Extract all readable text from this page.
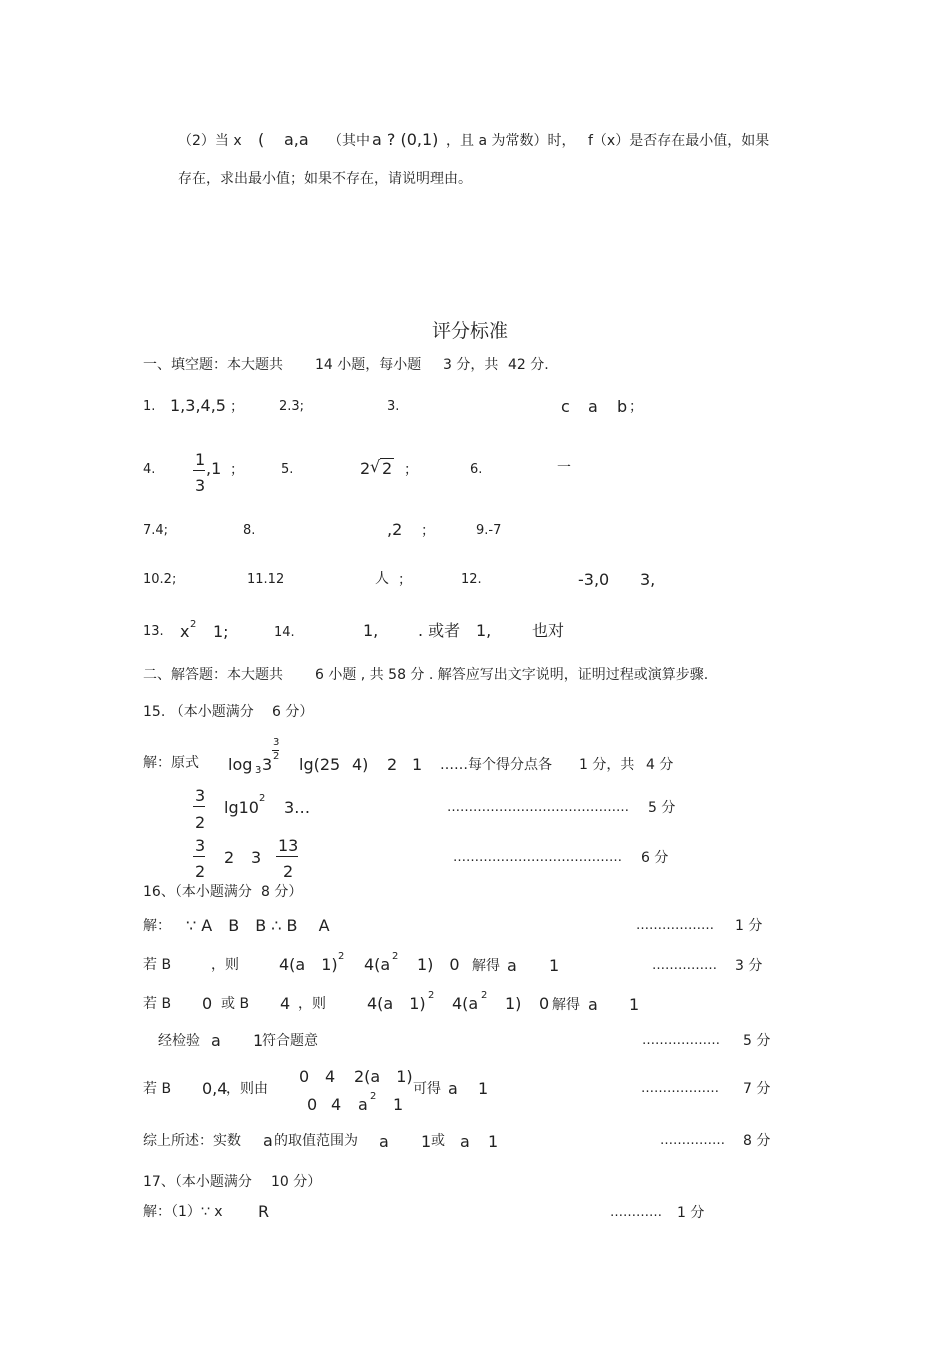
（2）当 x ( a,a （其中 a ? (0,1) ，且 a 为常数）时， f（x）是否存在最小值，如果
存在，求出最小值；如果不存在，请说明理由。
评分标准
一、填空题：本大题共 14 小题，每小题 3 分，共 42 分.
1. 1,3,4,5 ；	2.3;	3.	c a b ；
4.
1
3
,1 ；	5.	2 √ 2 ；	6.	一
7.4;	8.	,2 ；	9.-7
10.2;	11.12	人 ；	12.	-3,0 3,
13. x 2 1;	14.	1, . 或者 1,	也对
二、解答题：本大题共 6 小题 , 共 58 分 . 解答应写出文字说明，证明过程或演算步骤.
15. （本小题满分 6 分）
解：原式 log 3 3
3
2 lg(25 4) 2 1 ……每个得分点各 1 分，共 4 分
3
2
lg10 2 3…	…………………………………… 5 分
3
2
2 3
13
2
………………………………… 6 分
16、（本小题满分 8 分）
解： ∵ A　B　B ∴ B　 A	……………… 1 分
若 B	，则	4(a　1) 2 4(a 2 1)　0 解得 a 1	…………… 3 分
若 B 0 或 B 4 ，则	4(a　1) 2 4(a 2 1) 0 解得 a 1
经检验 a 1
符合题意	……………… 5 分
若 B 0,4
，则由
0 4 2(a　1)
0 4 a 2 1
可得 a 1	……………… 7 分
综上所述：实数 a 的取值范围为 a 1 或 a 1	…………… 8 分
17、（本小题满分 10 分）
解：（1）∵ x R	………… 1 分
